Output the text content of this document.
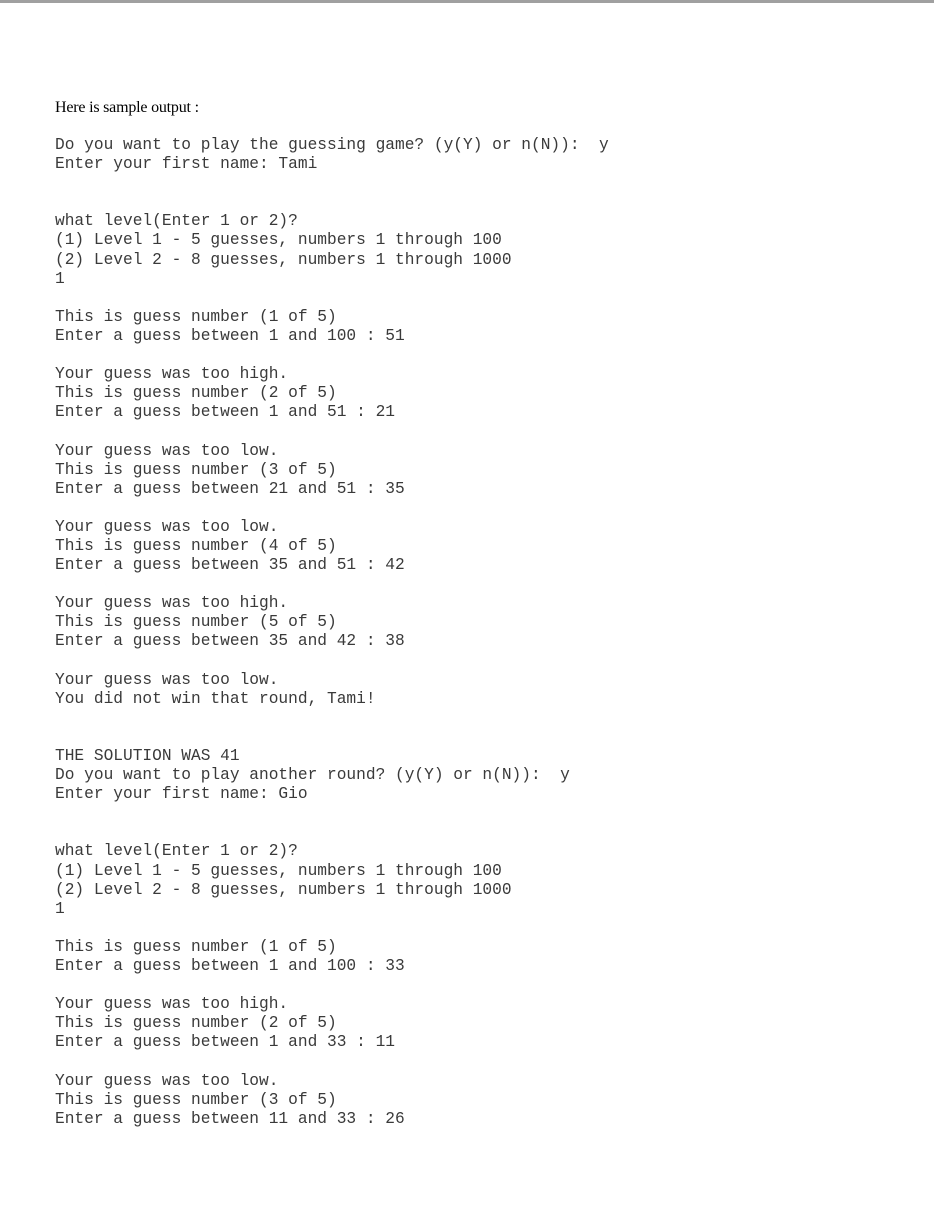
Here is sample output :
Do you want to play the guessing game? (y(Y) or n(N)):  y
Enter your first name: Tami
what level(Enter 1 or 2)?
(1) Level 1 - 5 guesses, numbers 1 through 100
(2) Level 2 - 8 guesses, numbers 1 through 1000
1
This is guess number (1 of 5)
Enter a guess between 1 and 100 : 51
Your guess was too high.
This is guess number (2 of 5)
Enter a guess between 1 and 51 : 21
Your guess was too low.
This is guess number (3 of 5)
Enter a guess between 21 and 51 : 35
Your guess was too low.
This is guess number (4 of 5)
Enter a guess between 35 and 51 : 42
Your guess was too high.
This is guess number (5 of 5)
Enter a guess between 35 and 42 : 38
Your guess was too low.
You did not win that round, Tami!
THE SOLUTION WAS 41
Do you want to play another round? (y(Y) or n(N)):  y
Enter your first name: Gio
what level(Enter 1 or 2)?
(1) Level 1 - 5 guesses, numbers 1 through 100
(2) Level 2 - 8 guesses, numbers 1 through 1000
1
This is guess number (1 of 5)
Enter a guess between 1 and 100 : 33
Your guess was too high.
This is guess number (2 of 5)
Enter a guess between 1 and 33 : 11
Your guess was too low.
This is guess number (3 of 5)
Enter a guess between 11 and 33 : 26
